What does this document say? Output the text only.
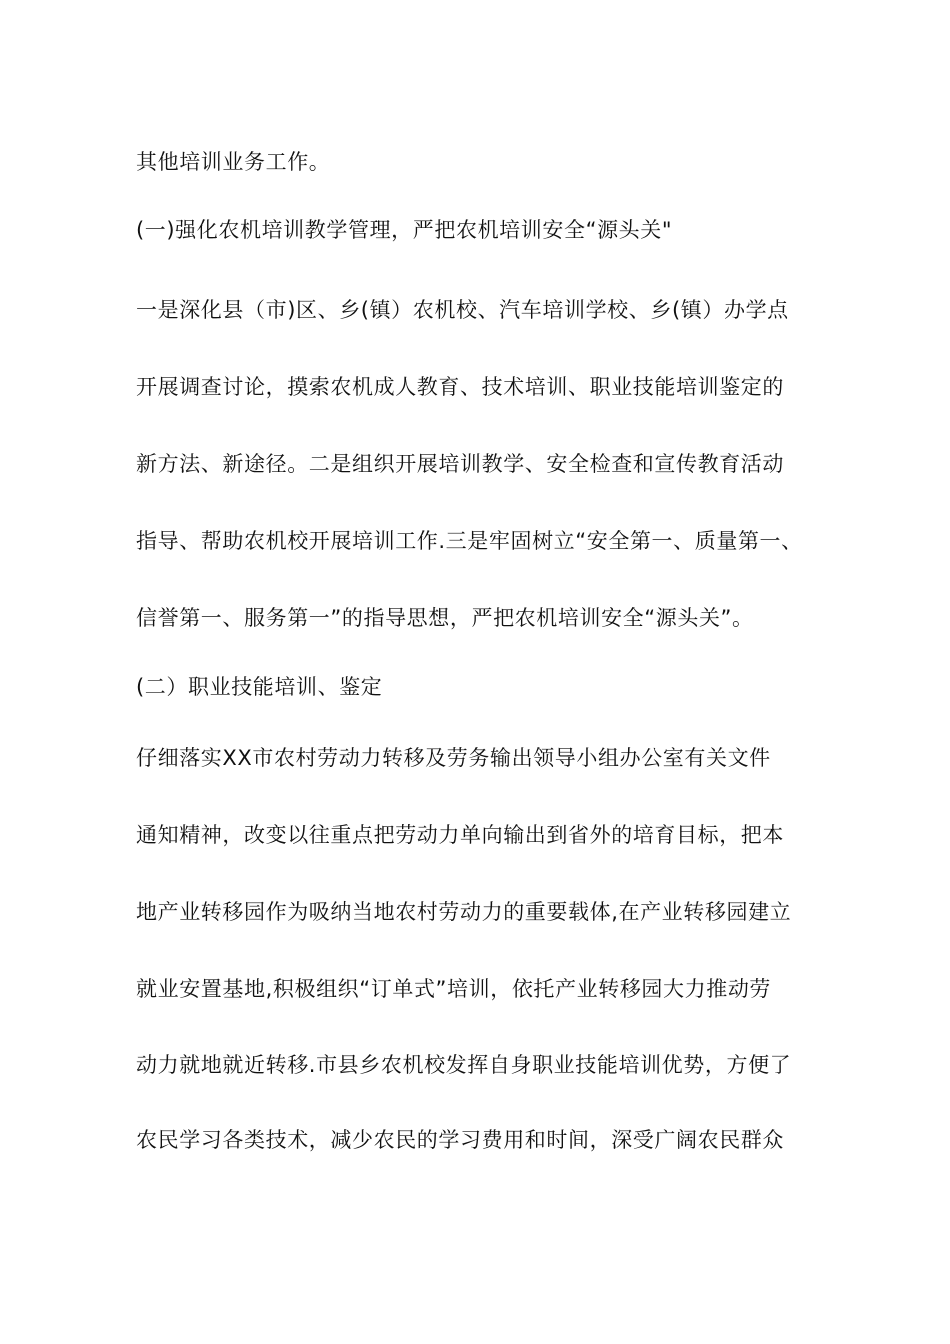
其他培训业务工作。
(一)强化农机培训教学管理，严把农机培训安全“源头关"
一是深化县（市)区、乡(镇）农机校、汽车培训学校、乡(镇）办学点
开展调查讨论，摸索农机成人教育、技术培训、职业技能培训鉴定的
新方法、新途径。二是组织开展培训教学、安全检查和宣传教育活动
指导、帮助农机校开展培训工作.三是牢固树立“安全第一、质量第一、
信誉第一、服务第一”的指导思想，严把农机培训安全“源头关”。
(二）职业技能培训、鉴定
仔细落实XX市农村劳动力转移及劳务输出领导小组办公室有关文件
通知精神，改变以往重点把劳动力单向输出到省外的培育目标，把本
地产业转移园作为吸纳当地农村劳动力的重要载体,在产业转移园建立
就业安置基地,积极组织“订单式”培训，依托产业转移园大力推动劳
动力就地就近转移.市县乡农机校发挥自身职业技能培训优势，方便了
农民学习各类技术，减少农民的学习费用和时间，深受广阔农民群众
